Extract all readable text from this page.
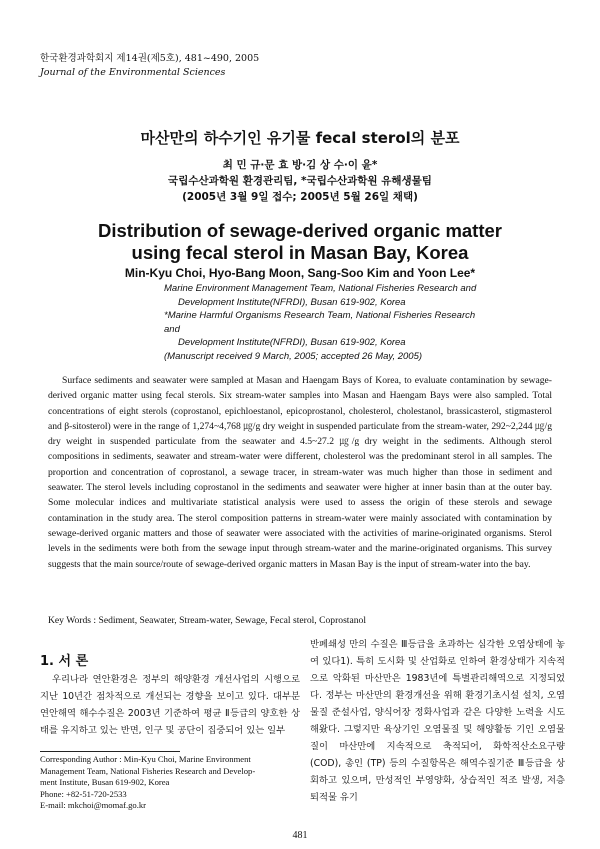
한국환경과학회지 제14권(제5호), 481~490, 2005
Journal of the Environmental Sciences
마산만의 하수기인 유기물 fecal sterol의 분포
최 민 규·문 효 방·김 상 수·이 윤*
국립수산과학원 환경관리팀, *국립수산과학원 유해생물팀
(2005년 3월 9일 접수; 2005년 5월 26일 채택)
Distribution of sewage-derived organic matter
using fecal sterol in Masan Bay, Korea
Min-Kyu Choi, Hyo-Bang Moon, Sang-Soo Kim and Yoon Lee*

Marine Environment Management Team, National Fisheries Research and

Development Institute(NFRDI), Busan 619-902, Korea

*Marine Harmful Organisms Research Team, National Fisheries Research and

Development Institute(NFRDI), Busan 619-902, Korea

(Manuscript received 9 March, 2005; accepted 26 May, 2005)

Surface sediments and seawater were sampled at Masan and Haengam Bays of Korea, to evaluate contamination by sewage-derived organic matter using fecal sterols. Six stream-water samples into Masan and Haengam Bays were also sampled. Total concentrations of eight sterols (coprostanol, epichloestanol, epicoprostanol, cholesterol, cholestanol, brassicasterol, stigmasterol and β-sitosterol) were in the range of 1,274~4,768 ㎍/g dry weight in suspended particulate from the stream-water, 292~2,244 ㎍/g dry weight in suspended particulate from the seawater and 4.5~27.2 ㎍/g dry weight in the sediments. Although sterol compositions in sediments, seawater and stream-water were different, cholesterol was the predominant sterol in all samples. The proportion and concentration of coprostanol, a sewage tracer, in stream-water was much higher than those in sediment and seawater. The sterol levels including coprostanol in the sediments and seawater were higher at inner basin than at the outer bay. Some molecular indices and multivariate statistical analysis were used to assess the origin of these sterols and sewage contamination in the study area. The sterol composition patterns in stream-water were mainly associated with contamination by sewage-derived organic matters and those of seawater were associated with the activities of marine-originated organisms. Sterol levels in the sediments were both from the sewage input through stream-water and the marine-originated organisms. This survey suggests that the main source/route of sewage-derived organic matters in Masan Bay is the input of stream-water into the bay.

Key Words : Sediment, Seawater, Stream-water, Sewage, Fecal sterol, Coprostanol
1. 서 론

우리나라 연안환경은 정부의 해양환경 개선사업의 시행으로 지난 10년간 점차적으로 개선되는 경향을 보이고 있다. 대부분 연안해역 해수수질은 2003년 기준하여 평균 Ⅱ등급의 양호한 상태를 유지하고 있는 반면, 인구 및 공단이 집중되어 있는 일부

Corresponding Author : Min-Kyu Choi, Marine Environment

Management Team, National Fisheries Research and Develop-

ment Institute, Busan 619-902, Korea

Phone: +82-51-720-2533

E-mail: mkchoi@momaf.go.kr

반폐쇄성 만의 수질은 Ⅲ등급을 초과하는 심각한 오염상태에 놓여 있다1). 특히 도시화 및 산업화로 인하여 환경상태가 지속적으로 악화된 마산만은 1983년에 특별관리해역으로 지정되었다. 정부는 마산만의 환경개선을 위해 환경기초시설 설치, 오염물질 준설사업, 양식어장 정화사업과 같은 다양한 노력을 시도해왔다. 그렇지만 육상기인 오염물질 및 해양활동 기인 오염물질이 마산만에 지속적으로 축적되어, 화학적산소요구량 (COD), 총인 (TP) 등의 수질항목은 해역수질기준 Ⅲ등급을 상회하고 있으며, 만성적인 부영양화, 상습적인 적조 발생, 저층 퇴적물 유기

481
